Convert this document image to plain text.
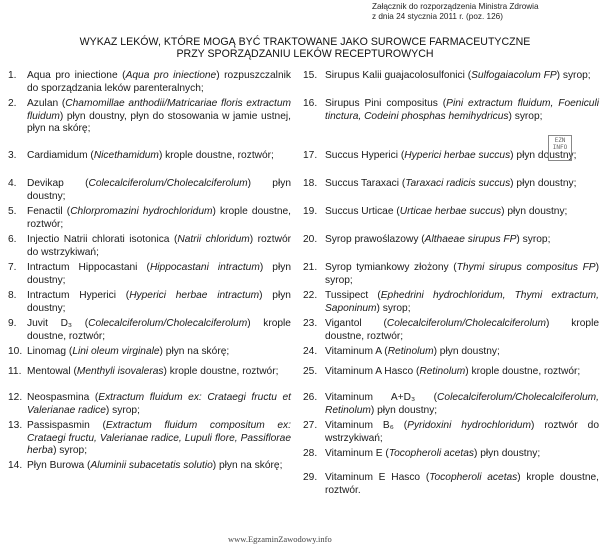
Załącznik do rozporządzenia Ministra Zdrowia
z dnia 24 stycznia 2011 r. (poz. 126)
WYKAZ LEKÓW, KTÓRE MOGĄ BYĆ TRAKTOWANE JAKO SUROWCE FARMACEUTYCZNE
PRZY SPORZĄDZANIU LEKÓW RECEPTUROWYCH
1.	Aqua pro iniectione (Aqua pro iniectione) rozpuszczalnik do sporządzania leków parenteralnych;
2.	Azulan (Chamomillae anthodii/Matricariae floris extractum fluidum) płyn doustny, płyn do stosowania w jamie ustnej, płyn na skórę;
3.	Cardiamidum (Nicethamidum) krople doustne, roztwór;
4.	Devikap (Colecalciferolum/Cholecalciferolum) płyn doustny;
5.	Fenactil (Chlorpromazini hydrochloridum) krople doustne, roztwór;
6.	Injectio Natrii chlorati isotonica (Natrii chloridum) roztwór do wstrzykiwań;
7.	Intractum Hippocastani (Hippocastani intractum) płyn doustny;
8.	Intractum Hyperici (Hyperici herbae intractum) płyn doustny;
9.	Juvit D₃ (Colecalciferolum/Cholecalciferolum) krople doustne, roztwór;
10. Linomag (Lini oleum virginale) płyn na skórę;
11. Mentowal (Menthyli isovaleras) krople doustne, roztwór;
12. Neospasmina (Extractum fluidum ex: Crataegi fructu et Valerianae radice) syrop;
13. Passispasmin (Extractum fluidum compositum ex: Crataegi fructu, Valerianae radice, Lupuli flore, Passiflorae herba) syrop;
14. Płyn Burowa (Aluminii subacetatis solutio) płyn na skórę;
15. Sirupus Kalii guajacolosulfonici (Sulfogaiacolum FP) syrop;
16. Sirupus Pini compositus (Pini extractum fluidum, Foeniculi tinctura, Codeini phosphas hemihydricus) syrop;
17. Succus Hyperici (Hyperici herbae succus) płyn doustny;
18. Succus Taraxaci (Taraxaci radicis succus) płyn doustny;
19. Succus Urticae (Urticae herbae succus) płyn doustny;
20. Syrop prawoślazowy (Althaeae sirupus FP) syrop;
21. Syrop tymiankowy złożony (Thymi sirupus compositus FP) syrop;
22. Tussipect (Ephedrini hydrochloridum, Thymi extractum, Saponinum) syrop;
23. Vigantol (Colecalciferolum/Cholecalciferolum) krople doustne, roztwór;
24. Vitaminum A (Retinolum) płyn doustny;
25. Vitaminum A Hasco (Retinolum) krople doustne, roztwór;
26. Vitaminum A+D₃ (Colecalciferolum/Cholecalciferolum, Retinolum) płyn doustny;
27. Vitaminum B₆ (Pyridoxini hydrochloridum) roztwór do wstrzykiwań;
28. Vitaminum E (Tocopheroli acetas) płyn doustny;
29. Vitaminum E Hasco (Tocopheroli acetas) krople doustne, roztwór.
EZN INFO
www.EgzaminZawodowy.info
